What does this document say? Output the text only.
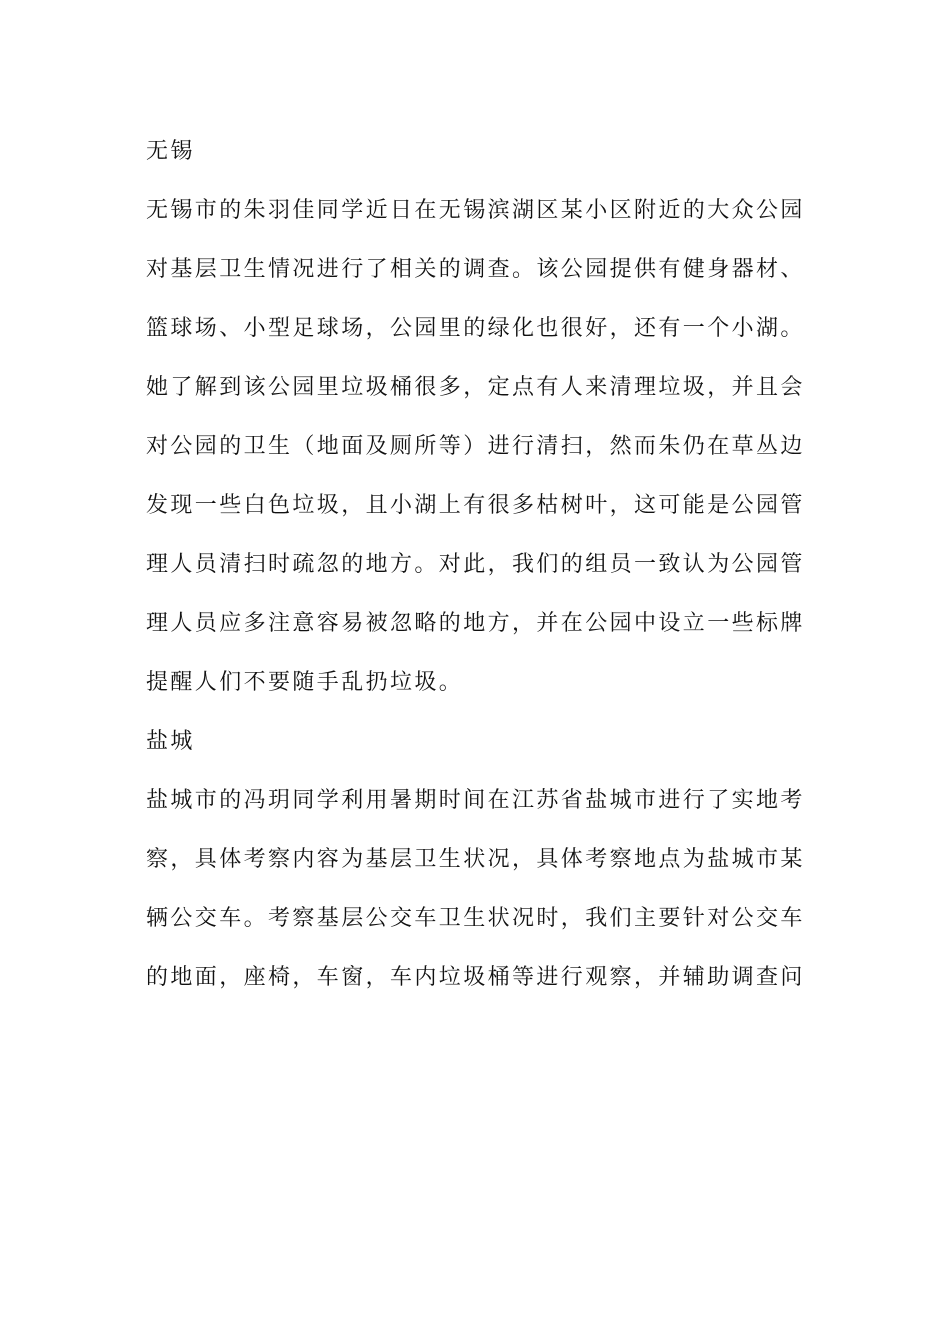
无锡
无锡市的朱羽佳同学近日在无锡滨湖区某小区附近的大众公园
对基层卫生情况进行了相关的调查。该公园提供有健身器材、
篮球场、小型足球场，公园里的绿化也很好，还有一个小湖。
她了解到该公园里垃圾桶很多，定点有人来清理垃圾，并且会
对公园的卫生（地面及厕所等）进行清扫，然而朱仍在草丛边
发现一些白色垃圾，且小湖上有很多枯树叶，这可能是公园管
理人员清扫时疏忽的地方。对此，我们的组员一致认为公园管
理人员应多注意容易被忽略的地方，并在公园中设立一些标牌
提醒人们不要随手乱扔垃圾。
盐城
盐城市的冯玥同学利用暑期时间在江苏省盐城市进行了实地考
察，具体考察内容为基层卫生状况，具体考察地点为盐城市某
辆公交车。考察基层公交车卫生状况时，我们主要针对公交车
的地面，座椅，车窗，车内垃圾桶等进行观察，并辅助调查问
